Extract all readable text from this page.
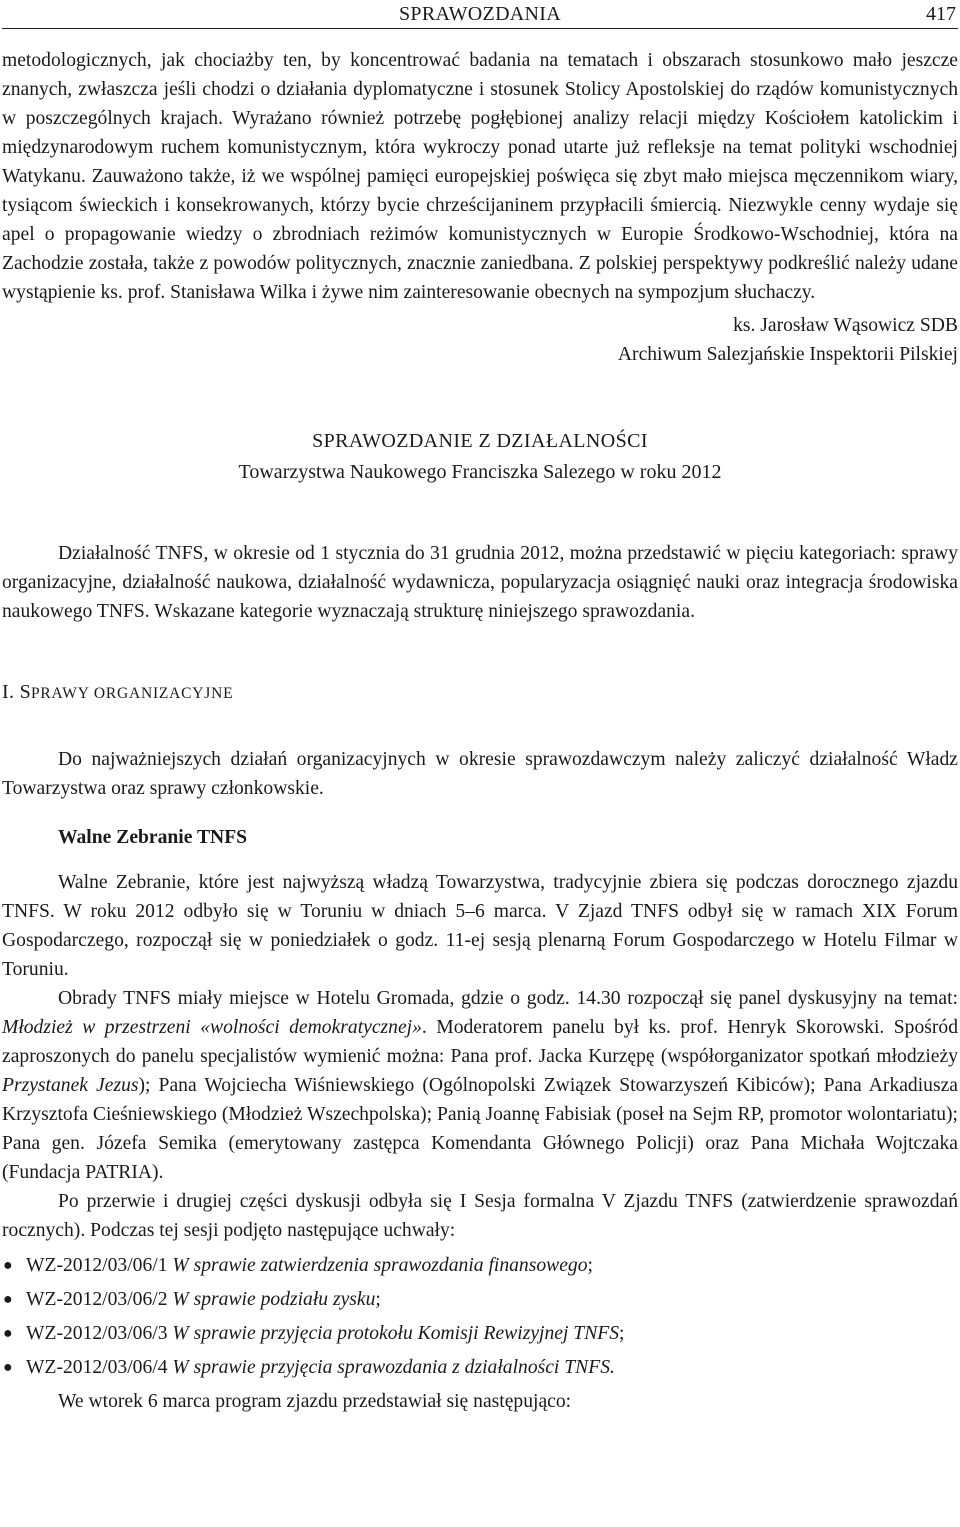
SPRAWOZDANIA	417

metodologicznych, jak chociażby ten, by koncentrować badania na tematach i obszarach stosunkowo mało jeszcze znanych, zwłaszcza jeśli chodzi o działania dyplomatyczne i stosunek Stolicy Apostolskiej do rządów komunistycznych w poszczególnych krajach. Wyrażano również potrzebę pogłębionej analizy relacji między Kościołem katolickim i międzynarodowym ruchem komunistycznym, która wykroczy ponad utarte już refleksje na temat polityki wschodniej Watykanu. Zauważono także, iż we wspólnej pamięci europejskiej poświęca się zbyt mało miejsca męczennikom wiary, tysiącom świeckich i konsekrowanych, którzy bycie chrześcijaninem przypłacili śmiercią. Niezwykle cenny wydaje się apel o propagowanie wiedzy o zbrodniach reżimów komunistycznych w Europie Środkowo-Wschodniej, która na Zachodzie została, także z powodów politycznych, znacznie zaniedbana. Z polskiej perspektywy podkreślić należy udane wystąpienie ks. prof. Stanisława Wilka i żywe nim zainteresowanie obecnych na sympozjum słuchaczy.

ks. Jarosław Wąsowicz SDB
Archiwum Salezjańskie Inspektorii Pilskiej
SPRAWOZDANIE Z DZIAŁALNOŚCI
Towarzystwa Naukowego Franciszka Salezego w roku 2012

Działalność TNFS, w okresie od 1 stycznia do 31 grudnia 2012, można przedstawić w pięciu kategoriach: sprawy organizacyjne, działalność naukowa, działalność wydawnicza, popularyzacja osiągnięć nauki oraz integracja środowiska naukowego TNFS. Wskazane kategorie wyznaczają strukturę niniejszego sprawozdania.

I. SPRAWY ORGANIZACYJNE

Do najważniejszych działań organizacyjnych w okresie sprawozdawczym należy zaliczyć działalność Władz Towarzystwa oraz sprawy członkowskie.

Walne Zebranie TNFS

Walne Zebranie, które jest najwyższą władzą Towarzystwa, tradycyjnie zbiera się podczas dorocznego zjazdu TNFS. W roku 2012 odbyło się w Toruniu w dniach 5–6 marca. V Zjazd TNFS odbył się w ramach XIX Forum Gospodarczego, rozpoczął się w poniedziałek o godz. 11-ej sesją plenarną Forum Gospodarczego w Hotelu Filmar w Toruniu.

Obrady TNFS miały miejsce w Hotelu Gromada, gdzie o godz. 14.30 rozpoczął się panel dyskusyjny na temat: Młodzież w przestrzeni «wolności demokratycznej». Moderatorem panelu był ks. prof. Henryk Skorowski. Spośród zaproszonych do panelu specjalistów wymienić można: Pana prof. Jacka Kurzępę (współorganizator spotkań młodzieży Przystanek Jezus); Pana Wojciecha Wiśniewskiego (Ogólnopolski Związek Stowarzyszeń Kibiców); Pana Arkadiusza Krzysztofa Cieśniewskiego (Młodzież Wszechpolska); Panią Joannę Fabisiak (poseł na Sejm RP, promotor wolontariatu); Pana gen. Józefa Semika (emerytowany zastępca Komendanta Głównego Policji) oraz Pana Michała Wojtczaka (Fundacja PATRIA).

Po przerwie i drugiej części dyskusji odbyła się I Sesja formalna V Zjazdu TNFS (zatwierdzenie sprawozdań rocznych). Podczas tej sesji podjęto następujące uchwały:

● WZ-2012/03/06/1 W sprawie zatwierdzenia sprawozdania finansowego;
● WZ-2012/03/06/2 W sprawie podziału zysku;
● WZ-2012/03/06/3 W sprawie przyjęcia protokołu Komisji Rewizyjnej TNFS;
● WZ-2012/03/06/4 W sprawie przyjęcia sprawozdania z działalności TNFS.

We wtorek 6 marca program zjazdu przedstawiał się następująco:
